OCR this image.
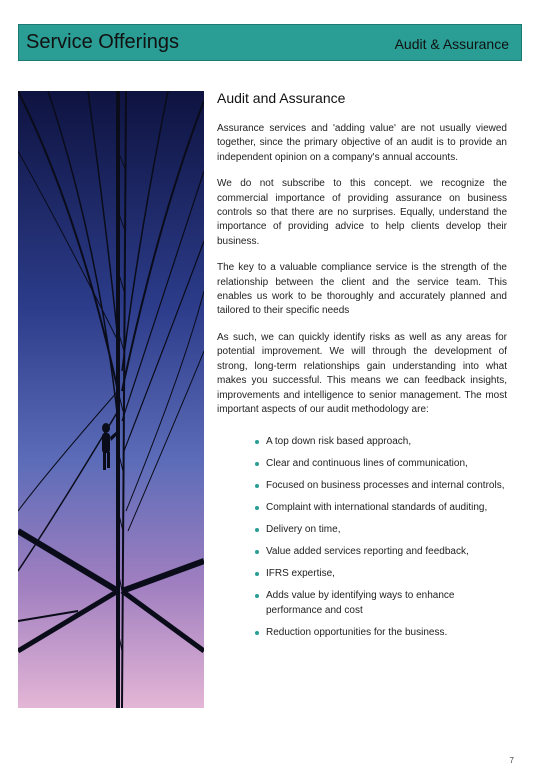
Service Offerings	Audit & Assurance
Audit and Assurance

Assurance services and 'adding value' are not usually viewed together, since the primary objective of an audit is to provide an independent opinion on a company's annual accounts.

We do not subscribe to this concept. we recognize the commercial importance of providing assurance on business controls so that there are no surprises. Equally, understand the importance of providing advice to help clients develop their business.

The key to a valuable compliance service is the strength of the relationship between the client and the service team. This enables us work to be thoroughly and accurately planned and tailored to their specific needs

As such, we can quickly identify risks as well as any areas for potential improvement. We will through the development of strong, long-term relationships gain understanding into what makes you successful. This means we can feedback insights, improvements and intelligence to senior management. The most important aspects of our audit methodology are:

A top down risk based approach,
Clear and continuous lines of communication,
Focused on business processes and internal controls,
Complaint with international standards of auditing,
Delivery on time,
Value added services reporting and feedback,
IFRS expertise,
Adds value by identifying ways to enhance performance and cost
Reduction opportunities for the business.
7
